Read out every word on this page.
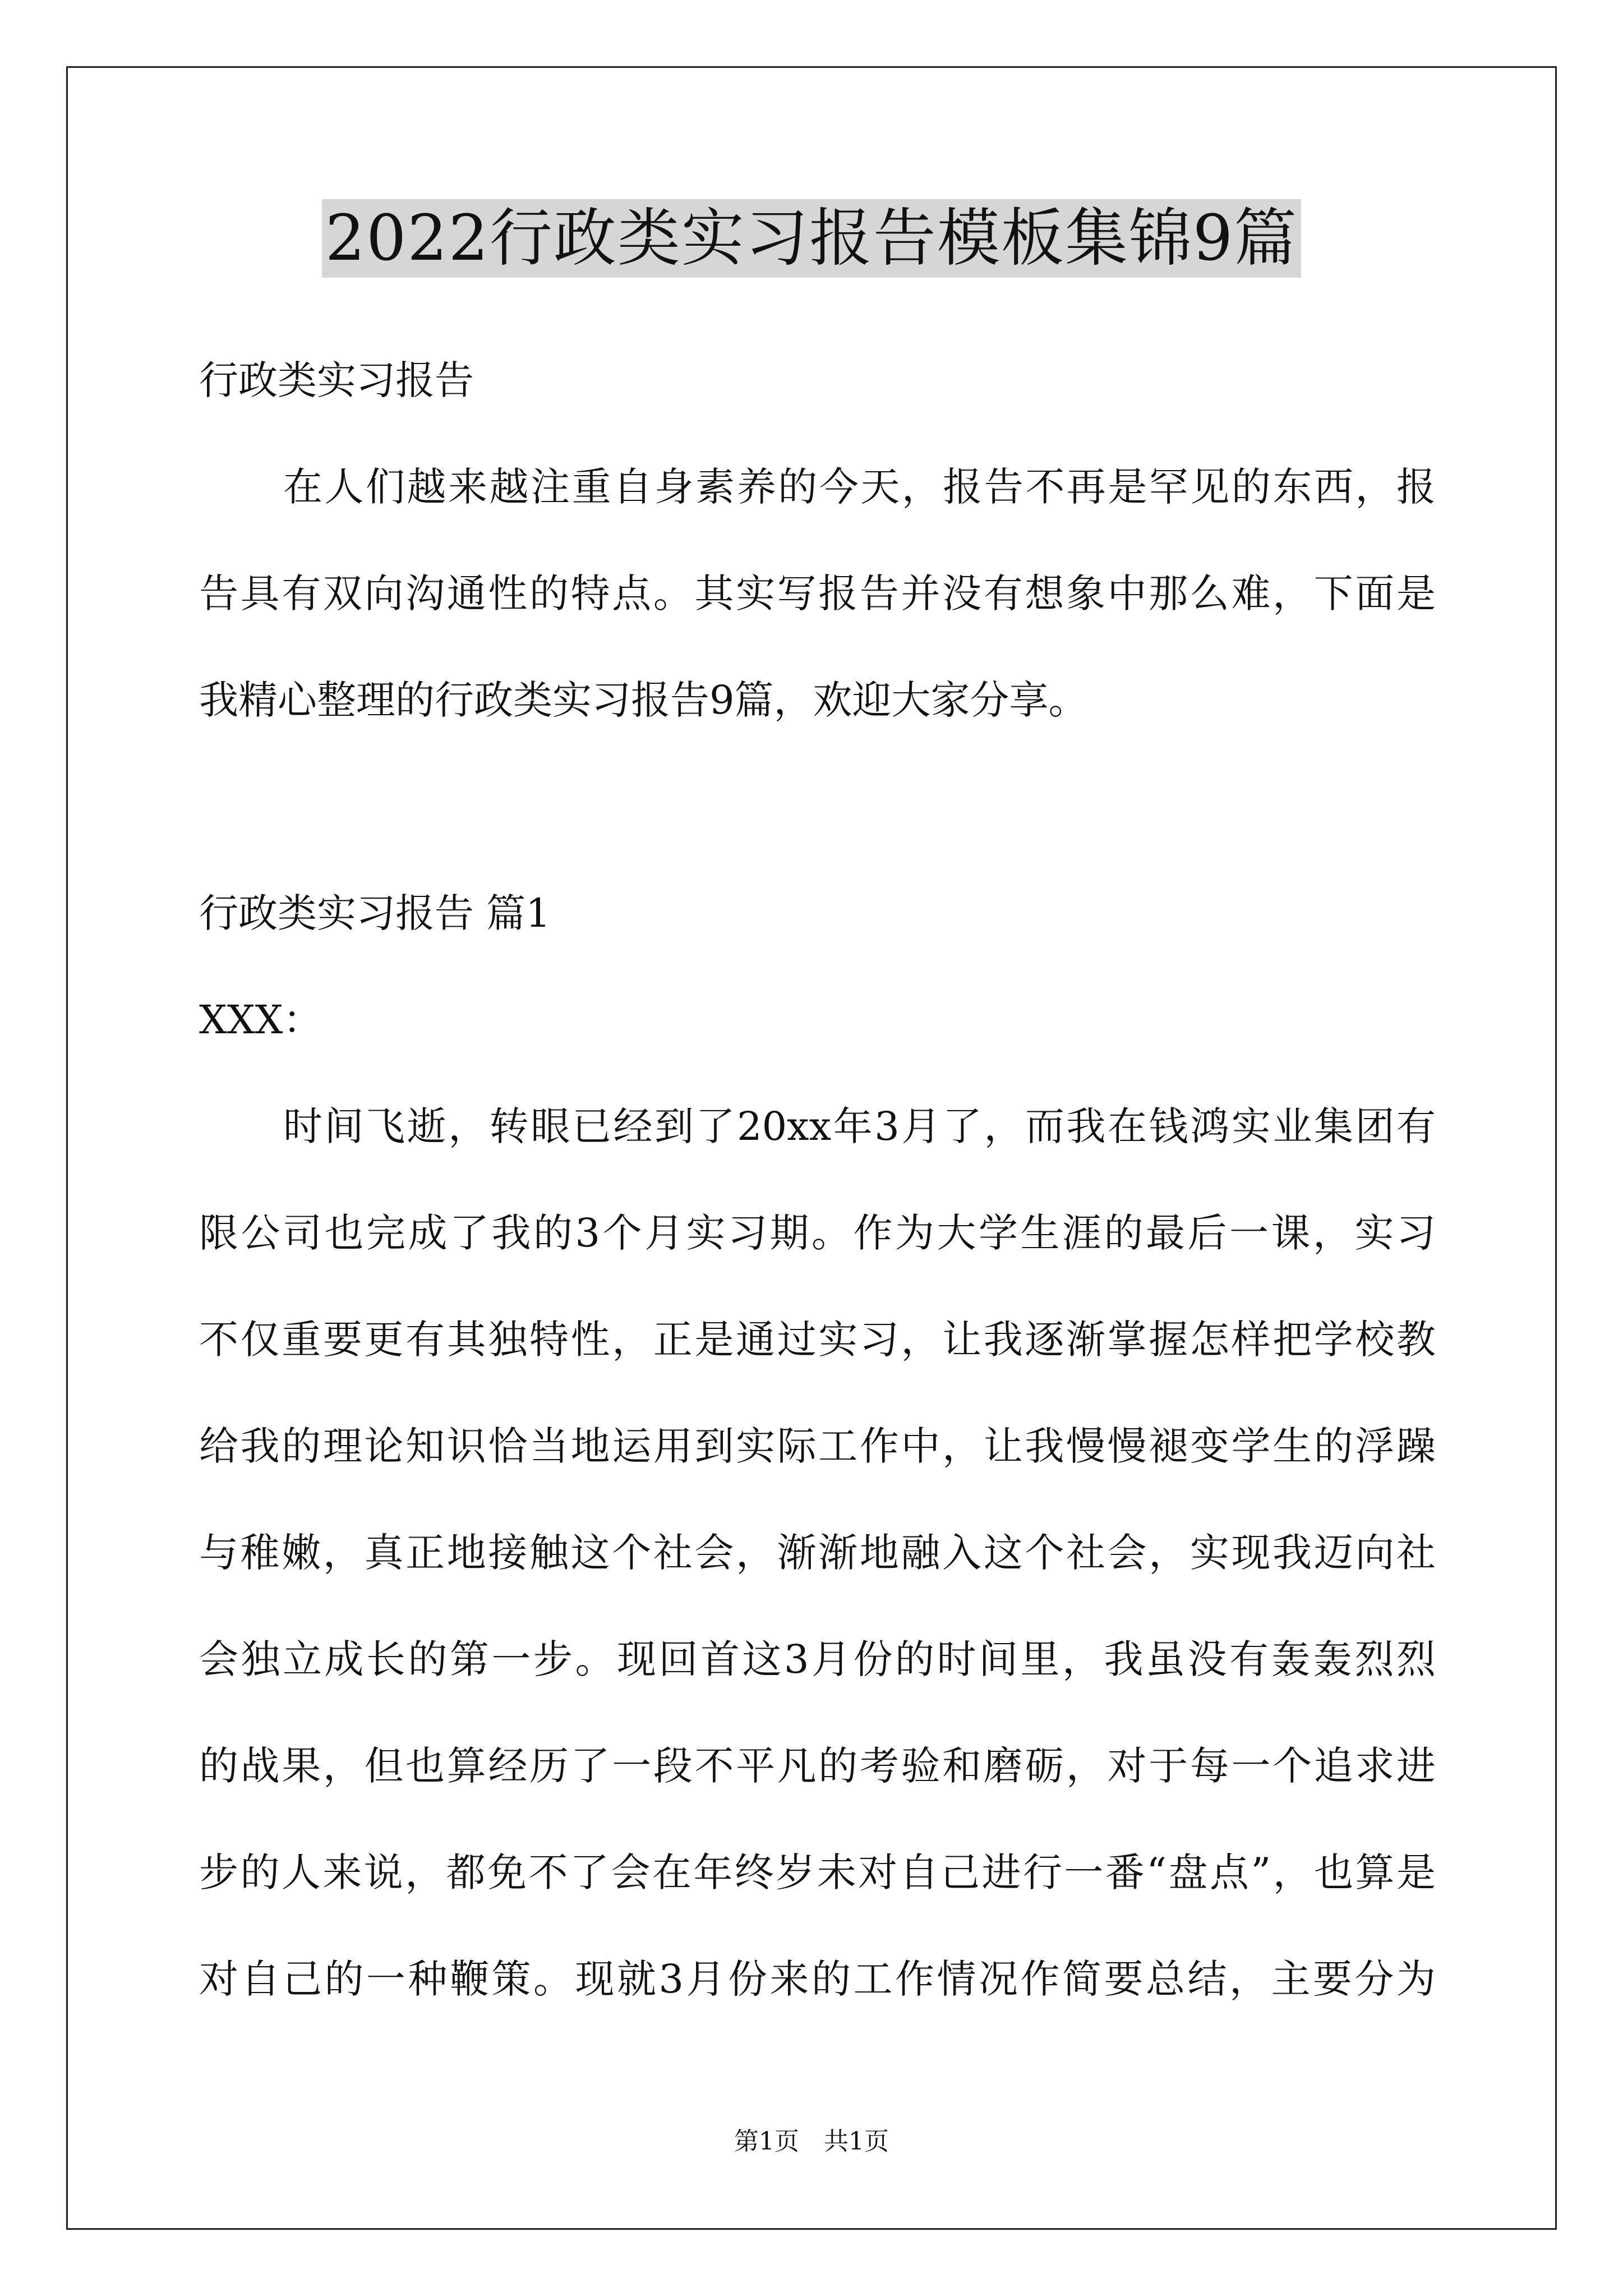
2022行政类实习报告模板集锦9篇
行政类实习报告
在人们越来越注重自身素养的今天，报告不再是罕见的东西，报
告具有双向沟通性的特点。其实写报告并没有想象中那么难，下面是
我精心整理的行政类实习报告9篇，欢迎大家分享。
行政类实习报告 篇1
XXX：
时间飞逝，转眼已经到了20xx年3月了，而我在钱鸿实业集团有
限公司也完成了我的3个月实习期。作为大学生涯的最后一课，实习
不仅重要更有其独特性，正是通过实习，让我逐渐掌握怎样把学校教
给我的理论知识恰当地运用到实际工作中，让我慢慢褪变学生的浮躁
与稚嫩，真正地接触这个社会，渐渐地融入这个社会，实现我迈向社
会独立成长的第一步。现回首这3月份的时间里，我虽没有轰轰烈烈
的战果，但也算经历了一段不平凡的考验和磨砺，对于每一个追求进
步的人来说，都免不了会在年终岁未对自己进行一番“盘点”，也算是
对自己的一种鞭策。现就3月份来的工作情况作简要总结，主要分为
第1页　共1页
